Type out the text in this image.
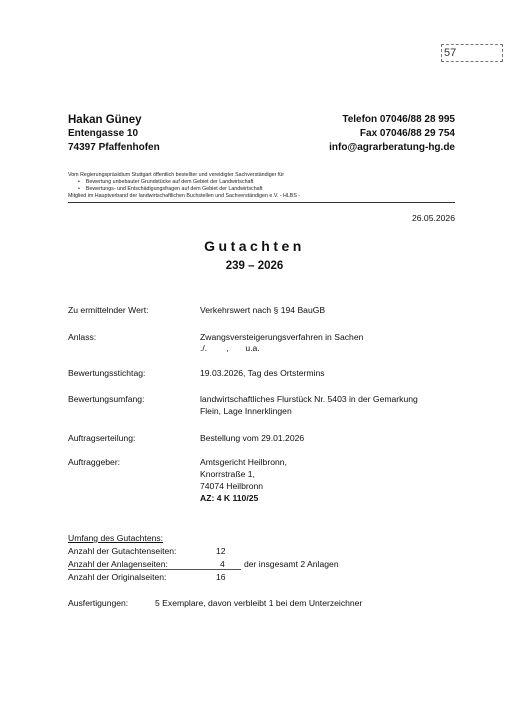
57
Hakan Güney
Entengasse 10
74397 Pfaffenhofen
Telefon 07046/88 28 995
Fax 07046/88 29 754
info@agrarberatung-hg.de
Vom Regierungspräsidium Stuttgart öffentlich bestellter und vereidigter Sachverständiger für
• Bewertung unbebauter Grundstücke auf dem Gebiet der Landwirtschaft
• Bewertungs- und Entschädigungsfragen auf dem Gebiet der Landwirtschaft
Mitglied im Hauptverband der landwirtschaftlichen Buchstellen und Sachverständigen e.V. - HLBS -
26.05.2026
Gutachten
239 – 2026
Zu ermittelnder Wert:	Verkehrswert nach § 194 BauGB
Anlass:	Zwangsversteigerungsverfahren in Sachen
./.        ,       u.a.
Bewertungsstichtag:	19.03.2026, Tag des Ortstermins
Bewertungsumfang:	landwirtschaftliches Flurstück Nr. 5403 in der Gemarkung
Flein, Lage Innerklingen
Auftragserteilung:	Bestellung vom 29.01.2026
Auftraggeber:	Amtsgericht Heilbronn,
Knorrstraße 1,
74074 Heilbronn
AZ: 4 K 110/25
Umfang des Gutachtens:
Anzahl der Gutachtenseiten:	12
Anzahl der Anlagenseiten:	4 der insgesamt 2 Anlagen
Anzahl der Originalseiten:	16
Ausfertigungen:	5 Exemplare, davon verbleibt 1 bei dem Unterzeichner
